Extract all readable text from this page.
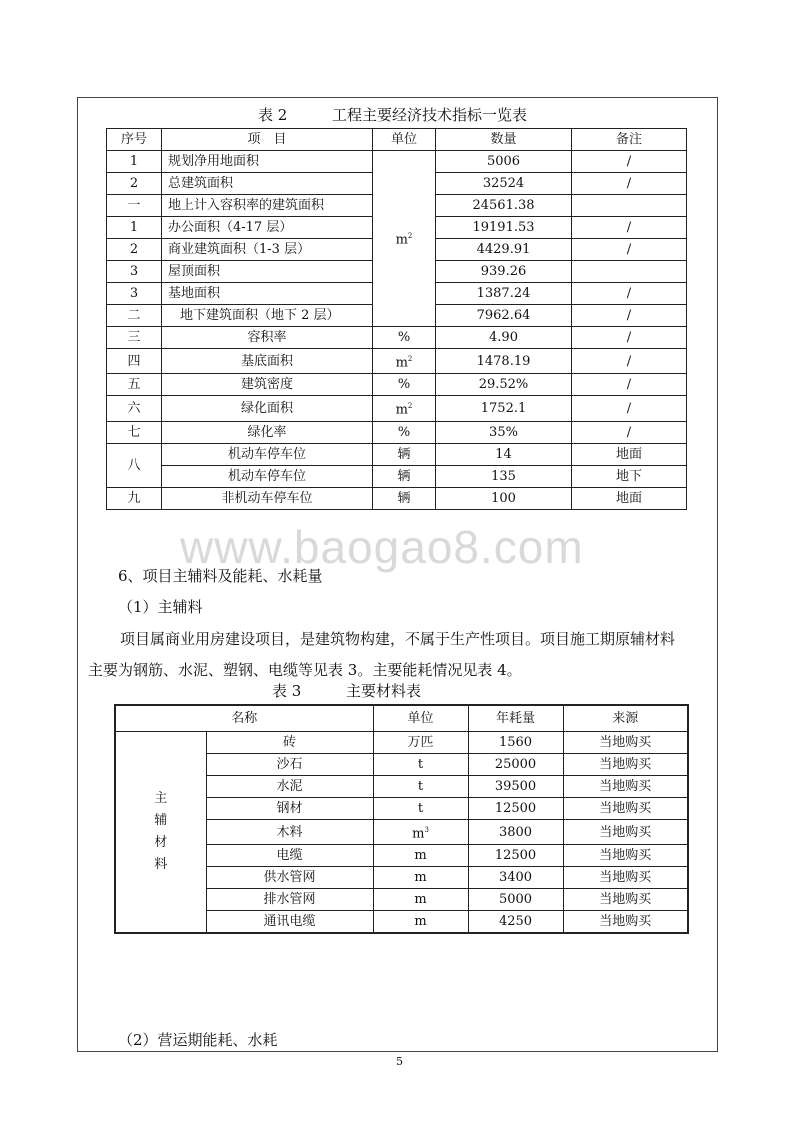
www.baogao8.com
表 2	工程主要经济技术指标一览表
序号	项　目	单位	数量	备注
1	规划净用地面积	$m^2$	5006	/
2	总建筑面积		32524	/
一	地上计入容积率的建筑面积		24561.38	
1	办公面积（4-17 层）		19191.53	/
2	商业建筑面积（1-3 层）		4429.91	/
3	屋顶面积		939.26	
3	基地面积		1387.24	/
二	地下建筑面积（地下 2 层）		7962.64	/
三	容积率	%	4.90	/
四	基底面积	$m^2$	1478.19	/
五	建筑密度	%	29.52%	/
六	绿化面积	$m^2$	1752.1	/
七	绿化率	%	35%	/
八	机动车停车位	辆	14	地面
	机动车停车位	辆	135	地下
九	非机动车停车位	辆	100	地面
6、项目主辅料及能耗、水耗量
（1）主辅料
项目属商业用房建设项目，是建筑物构建，不属于生产性项目。项目施工期原辅材料
主要为钢筋、水泥、塑钢、电缆等见表 3。主要能耗情况见表 4。
表 3	主要材料表
名称		单位	年耗量	来源

主辅材料	砖	万匹	1560	当地购买
	沙石	t	25000	当地购买
	水泥	t	39500	当地购买
	钢材	t	12500	当地购买
	木料	$m^3$	3800	当地购买
	电缆	m	12500	当地购买
	供水管网	m	3400	当地购买
	排水管网	m	5000	当地购买
	通讯电缆	m	4250	当地购买
（2）营运期能耗、水耗
5
